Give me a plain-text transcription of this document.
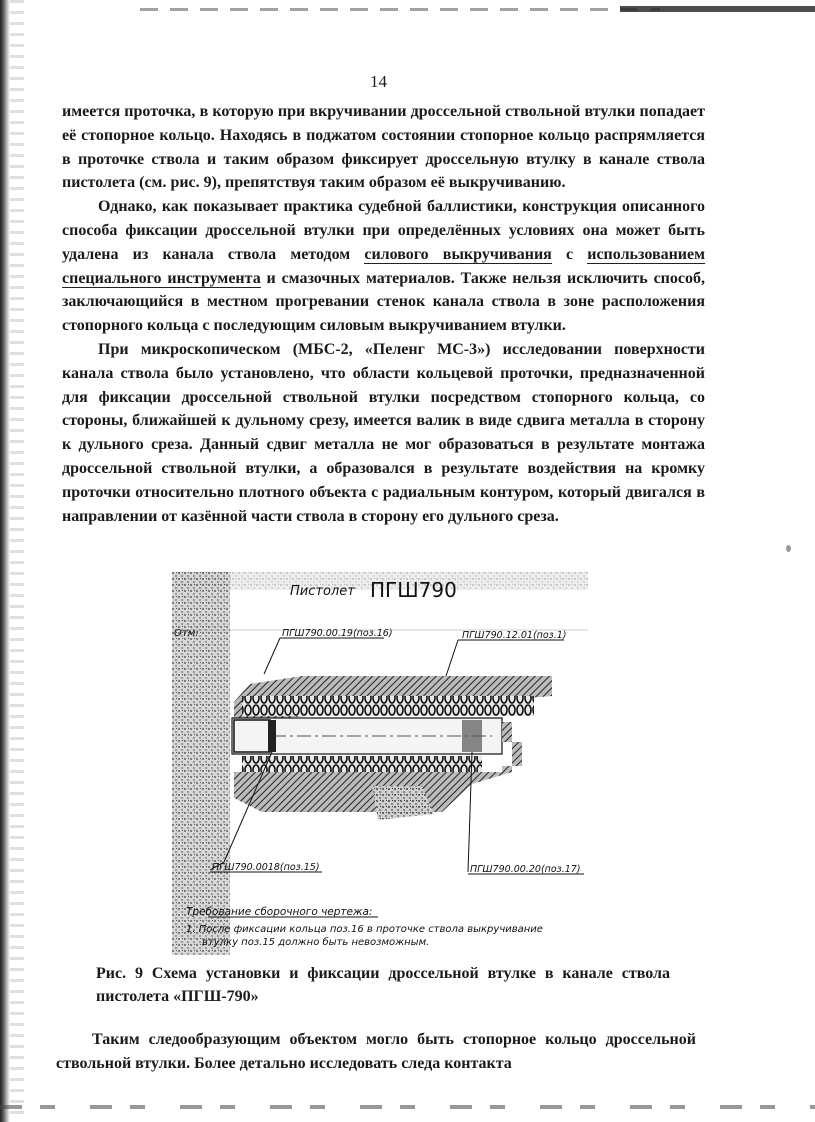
14

имеется проточка, в которую при вкручивании дроссельной ствольной втулки попадает её стопорное кольцо. Находясь в поджатом состоянии стопорное кольцо распрямляется в проточке ствола и таким образом фиксирует дроссельную втулку в канале ствола пистолета (см. рис. 9), препятствуя таким образом её выкручиванию.

Однако, как показывает практика судебной баллистики, конструкция описанного способа фиксации дроссельной втулки при определённых условиях она может быть удалена из канала ствола методом силового выкручивания с использованием специального инструмента и смазочных материалов. Также нельзя исключить способ, заключающийся в местном прогревании стенок канала ствола в зоне расположения стопорного кольца с последующим силовым выкручиванием втулки.

При микроскопическом (МБС-2, «Пеленг МС-3») исследовании поверхности канала ствола было установлено, что области кольцевой проточки, предназначенной для фиксации дроссельной ствольной втулки посредством стопорного кольца, со стороны, ближайшей к дульному срезу, имеется валик в виде сдвига металла в сторону к дульного среза. Данный сдвиг металла не мог образоваться в результате монтажа дроссельной ствольной втулки, а образовался в результате воздействия на кромку проточки относительно плотного объекта с радиальным контуром, который двигался в направлении от казённой части ствола в сторону его дульного среза.

Пистолет ПГШ790
Отм:	ПГШ790.00.19(поз.16)	ПГШ790.12.01(поз.1)
ПГШ790.0018(поз.15)	ПГШ790.00.20(поз.17)
Требование сборочного чертежа:
1. После фиксации кольца поз.16 в проточке ствола выкручивание
втулку поз.15 должно быть невозможным.
Рис. 9 Схема установки и фиксации дроссельной втулке в канале ствола пистолета «ПГШ-790»
Таким следообразующим объектом могло быть стопорное кольцо дроссельной ствольной втулки. Более детально исследовать следа контакта
